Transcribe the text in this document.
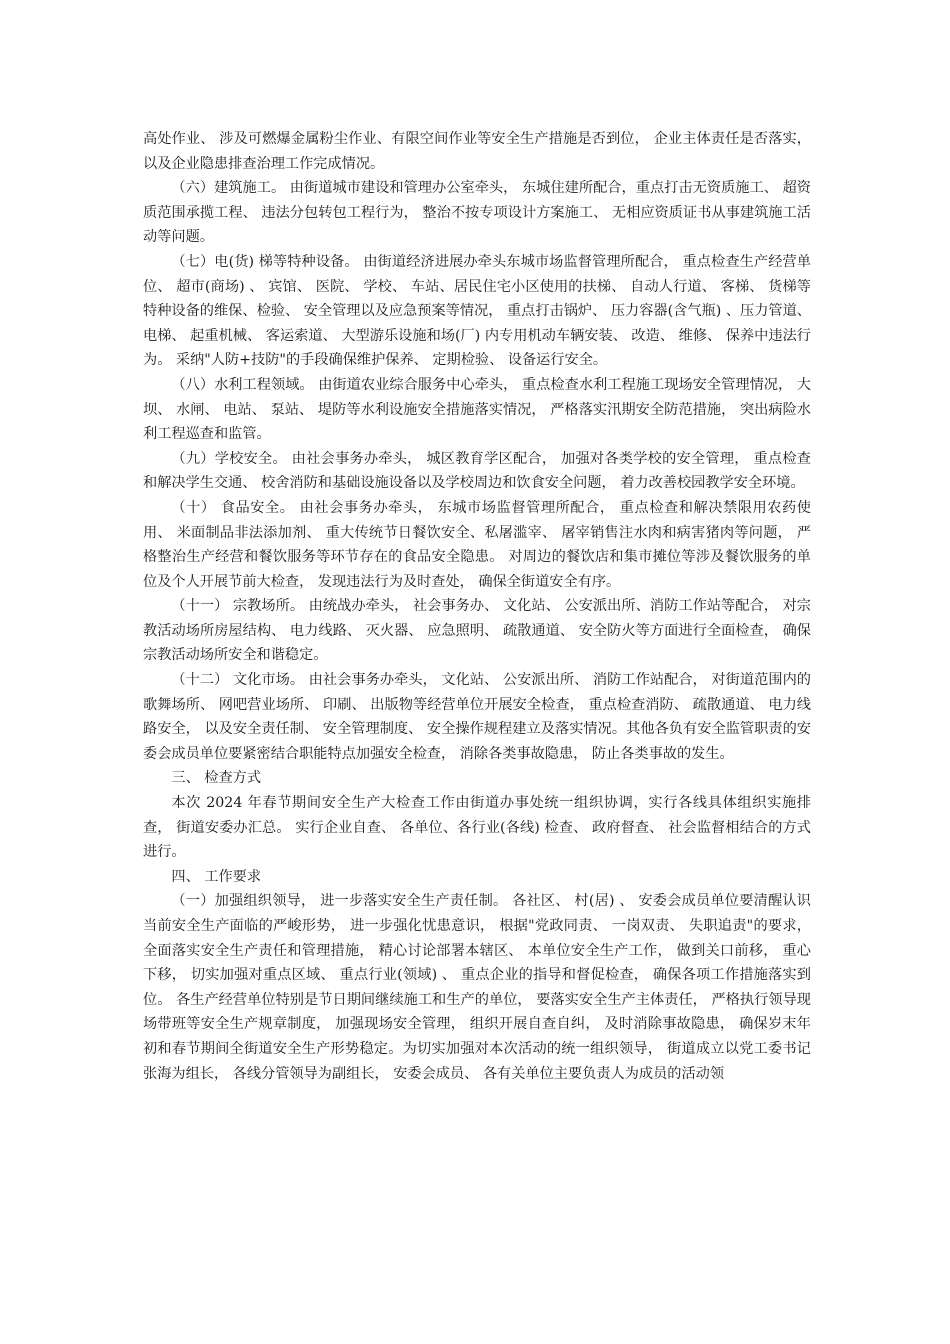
高处作业、 涉及可燃爆金属粉尘作业、有限空间作业等安全生产措施是否到位， 企业主体责任是否落实， 以及企业隐患排查治理工作完成情况。

（六）建筑施工。 由街道城市建设和管理办公室牵头， 东城住建所配合，重点打击无资质施工、 超资质范围承揽工程、 违法分包转包工程行为， 整治不按专项设计方案施工、 无相应资质证书从事建筑施工活动等问题。

（七）电(货) 梯等特种设备。 由街道经济进展办牵头东城市场监督管理所配合， 重点检查生产经营单位、 超市(商场) 、 宾馆、 医院、 学校、 车站、居民住宅小区使用的扶梯、 自动人行道、 客梯、 货梯等特种设备的维保、检验、 安全管理以及应急预案等情况， 重点打击锅炉、 压力容器(含气瓶) 、压力管道、 电梯、 起重机械、 客运索道、 大型游乐设施和场(厂) 内专用机动车辆安装、 改造、 维修、 保养中违法行为。 采纳"人防+技防"的手段确保维护保养、 定期检验、 设备运行安全。

（八）水利工程领域。 由街道农业综合服务中心牵头， 重点检查水利工程施工现场安全管理情况， 大坝、 水闸、 电站、 泵站、 堤防等水利设施安全措施落实情况， 严格落实汛期安全防范措施， 突出病险水利工程巡查和监管。

（九）学校安全。 由社会事务办牵头， 城区教育学区配合， 加强对各类学校的安全管理， 重点检查和解决学生交通、 校舍消防和基础设施设备以及学校周边和饮食安全问题， 着力改善校园教学安全环境。

（十） 食品安全。 由社会事务办牵头， 东城市场监督管理所配合， 重点检查和解决禁限用农药使用、 米面制品非法添加剂、 重大传统节日餐饮安全、私屠滥宰、 屠宰销售注水肉和病害猪肉等问题， 严格整治生产经营和餐饮服务等环节存在的食品安全隐患。 对周边的餐饮店和集市摊位等涉及餐饮服务的单位及个人开展节前大检查， 发现违法行为及时查处， 确保全街道安全有序。

（十一） 宗教场所。 由统战办牵头， 社会事务办、 文化站、 公安派出所、消防工作站等配合， 对宗教活动场所房屋结构、 电力线路、 灭火器、 应急照明、 疏散通道、 安全防火等方面进行全面检查， 确保宗教活动场所安全和谐稳定。

（十二） 文化市场。 由社会事务办牵头， 文化站、 公安派出所、 消防工作站配合， 对街道范围内的歌舞场所、 网吧营业场所、 印刷、 出版物等经营单位开展安全检查， 重点检查消防、 疏散通道、 电力线路安全， 以及安全责任制、 安全管理制度、 安全操作规程建立及落实情况。其他各负有安全监管职责的安委会成员单位要紧密结合职能特点加强安全检查， 消除各类事故隐患， 防止各类事故的发生。

三、 检查方式

本次 2024 年春节期间安全生产大检查工作由街道办事处统一组织协调，实行各线具体组织实施排查， 街道安委办汇总。 实行企业自查、 各单位、各行业(各线) 检查、 政府督查、 社会监督相结合的方式进行。

四、 工作要求

（一）加强组织领导， 进一步落实安全生产责任制。 各社区、 村(居) 、 安委会成员单位要清醒认识当前安全生产面临的严峻形势， 进一步强化忧患意识， 根据"党政同责、 一岗双责、 失职追责"的要求， 全面落实安全生产责任和管理措施， 精心讨论部署本辖区、 本单位安全生产工作， 做到关口前移， 重心下移， 切实加强对重点区域、 重点行业(领域) 、 重点企业的指导和督促检查， 确保各项工作措施落实到位。 各生产经营单位特别是节日期间继续施工和生产的单位， 要落实安全生产主体责任， 严格执行领导现场带班等安全生产规章制度， 加强现场安全管理， 组织开展自查自纠， 及时消除事故隐患， 确保岁末年初和春节期间全街道安全生产形势稳定。为切实加强对本次活动的统一组织领导， 街道成立以党工委书记张海为组长， 各线分管领导为副组长， 安委会成员、 各有关单位主要负责人为成员的活动领
